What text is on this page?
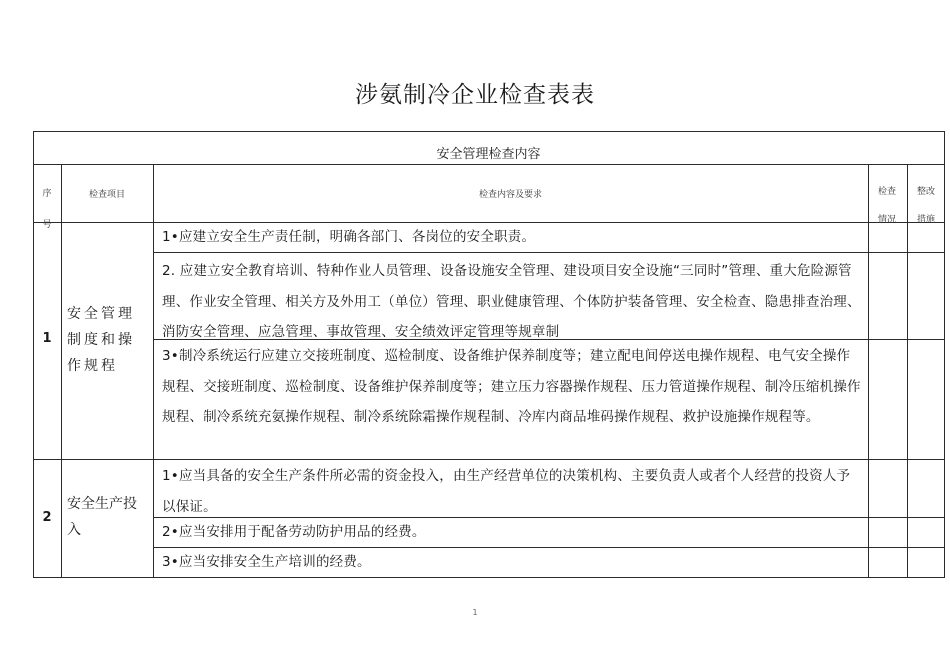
涉氨制冷企业检查表表
安全管理检查内容
序号
检查项目	检查内容及要求	检查情况
整改措施
1
安全管理制度和操作规程
1•应建立安全生产责任制，明确各部门、各岗位的安全职责。
2. 应建立安全教育培训、特种作业人员管理、设备设施安全管理、建设项目安全设施“三同时”管理、重大危险源管理、作业安全管理、相关方及外用工（单位）管理、职业健康管理、个体防护装备管理、安全检查、隐患排查治理、消防安全管理、应急管理、事故管理、安全绩效评定管理等规章制
3•制冷系统运行应建立交接班制度、巡检制度、设备维护保养制度等；建立配电间停送电操作规程、电气安全操作规程、交接班制度、巡检制度、设备维护保养制度等；建立压力容器操作规程、压力管道操作规程、制冷压缩机操作规程、制冷系统充氨操作规程、制冷系统除霜操作规程制、冷库内商品堆码操作规程、救护设施操作规程等。
2
安全生产投入
1•应当具备的安全生产条件所必需的资金投入，由生产经营单位的决策机构、主要负责人或者个人经营的投资人予以保证。
2•应当安排用于配备劳动防护用品的经费。
3•应当安排安全生产培训的经费。
1
